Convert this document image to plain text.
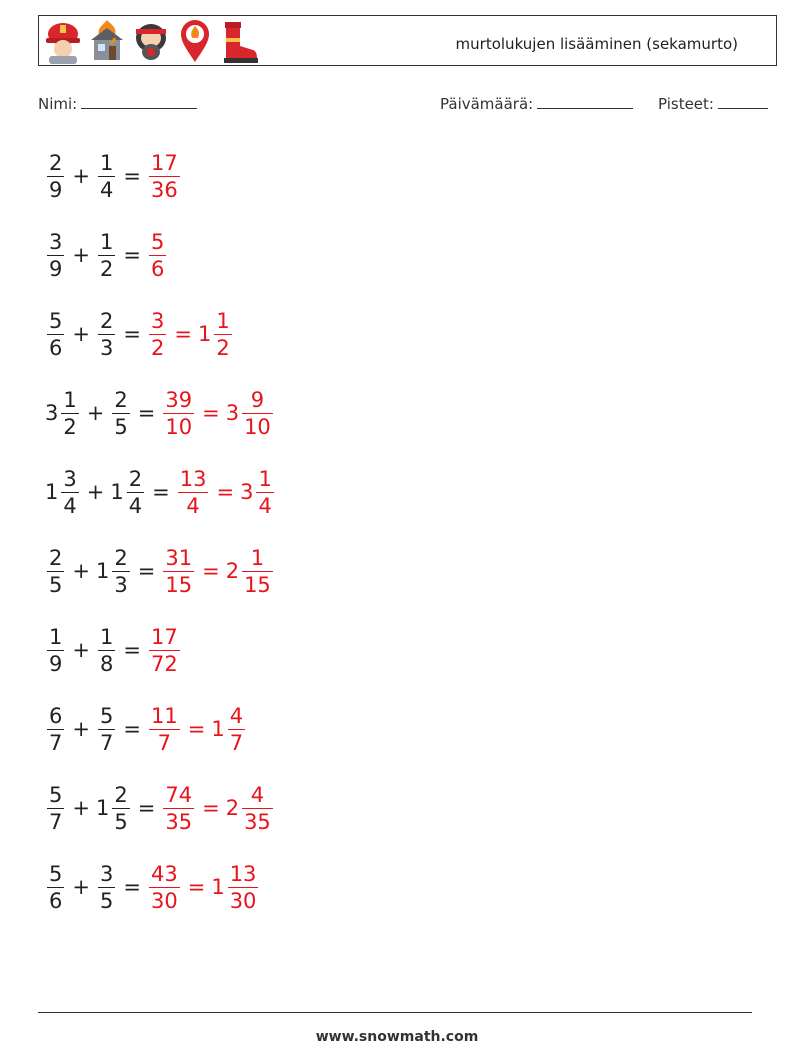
murtolukujen lisääminen (sekamurto)
Nimi:	Päivämäärä:	Pisteet:
$\frac{2}{9} + \frac{1}{4} = \frac{17}{36}$
$\frac{3}{9} + \frac{1}{2} = \frac{5}{6}$
$\frac{5}{6} + \frac{2}{3} = \frac{3}{2} = 1 \frac{1}{2}$
$3 \frac{1}{2} + \frac{2}{5} = \frac{39}{10} = 3 \frac{9}{10}$
$1 \frac{3}{4} + 1 \frac{2}{4} = \frac{13}{4} = 3 \frac{1}{4}$
$\frac{2}{5} + 1 \frac{2}{3} = \frac{31}{15} = 2 \frac{1}{15}$
$\frac{1}{9} + \frac{1}{8} = \frac{17}{72}$
$\frac{6}{7} + \frac{5}{7} = \frac{11}{7} = 1 \frac{4}{7}$
$\frac{5}{7} + 1 \frac{2}{5} = \frac{74}{35} = 2 \frac{4}{35}$
$\frac{5}{6} + \frac{3}{5} = \frac{43}{30} = 1 \frac{13}{30}$
www.snowmath.com
